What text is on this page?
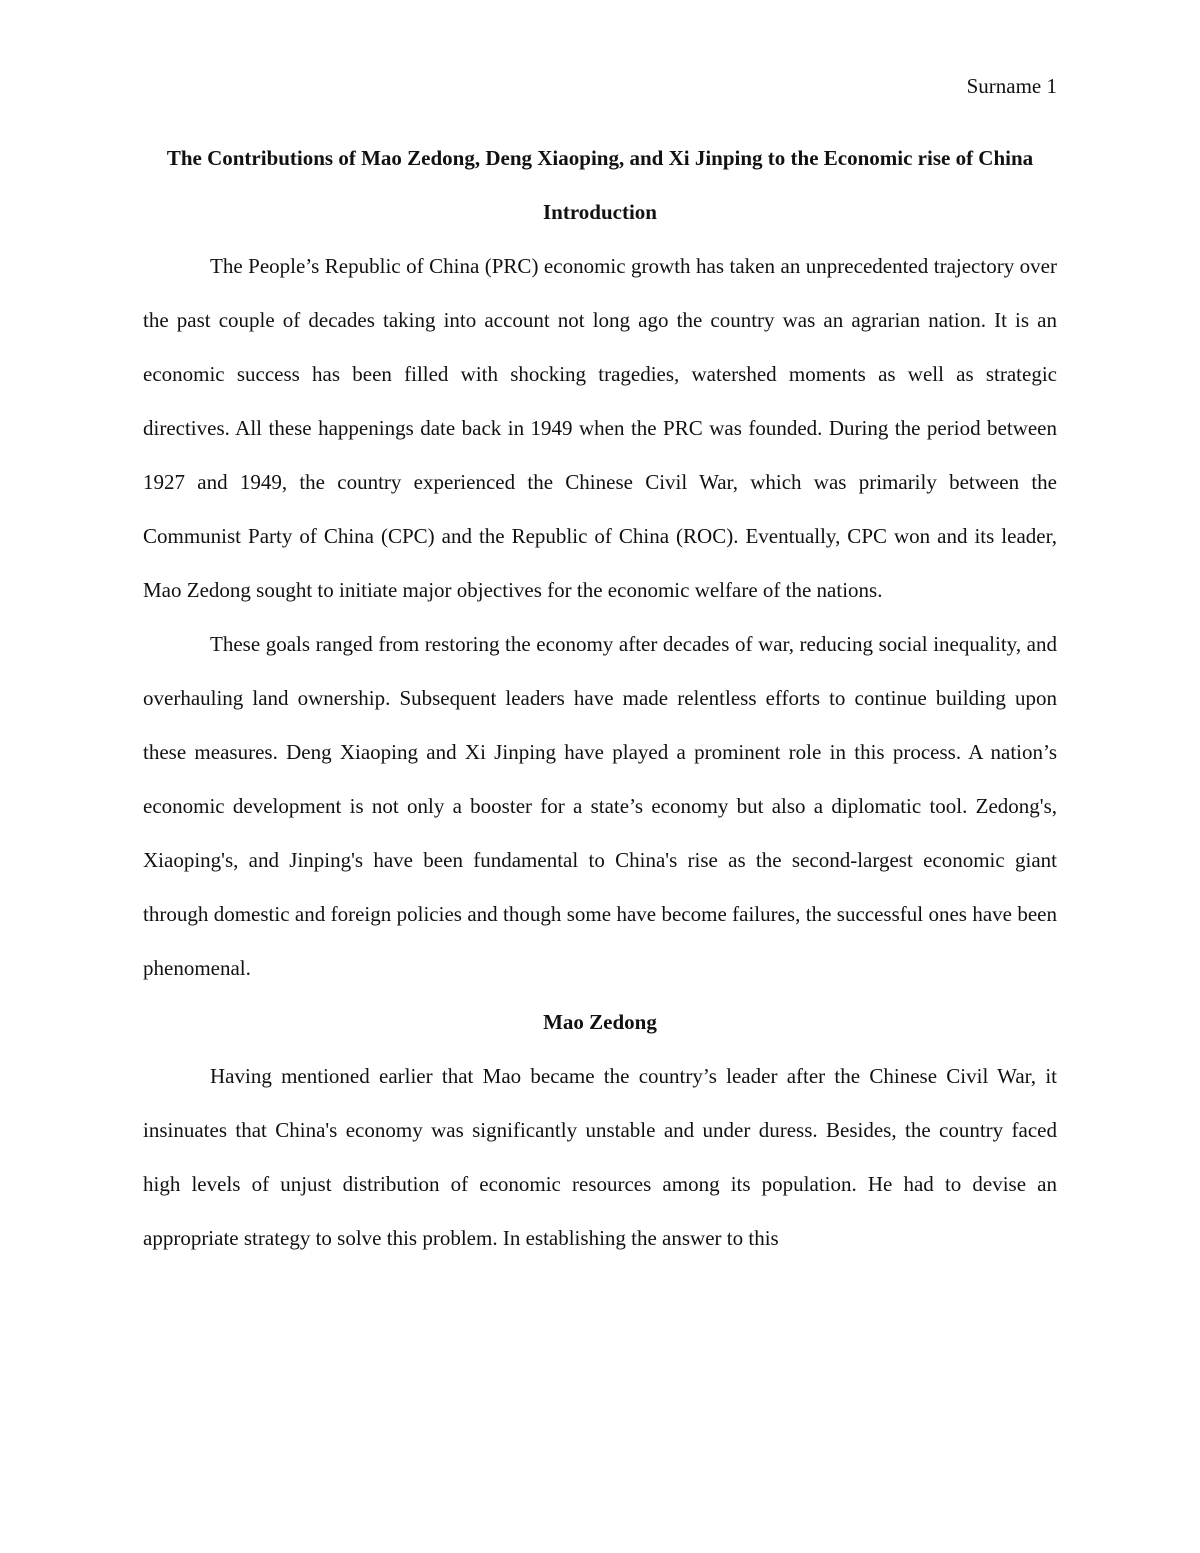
Surname 1
The Contributions of Mao Zedong, Deng Xiaoping, and Xi Jinping to the Economic rise of China
Introduction

The People’s Republic of China (PRC) economic growth has taken an unprecedented trajectory over the past couple of decades taking into account not long ago the country was an agrarian nation. It is an economic success has been filled with shocking tragedies, watershed moments as well as strategic directives. All these happenings date back in 1949 when the PRC was founded. During the period between 1927 and 1949, the country experienced the Chinese Civil War, which was primarily between the Communist Party of China (CPC) and the Republic of China (ROC). Eventually, CPC won and its leader, Mao Zedong sought to initiate major objectives for the economic welfare of the nations.

These goals ranged from restoring the economy after decades of war, reducing social inequality, and overhauling land ownership. Subsequent leaders have made relentless efforts to continue building upon these measures. Deng Xiaoping and Xi Jinping have played a prominent role in this process. A nation’s economic development is not only a booster for a state’s economy but also a diplomatic tool. Zedong's, Xiaoping's, and Jinping's have been fundamental to China's rise as the second-largest economic giant through domestic and foreign policies and though some have become failures, the successful ones have been phenomenal.

Mao Zedong

Having mentioned earlier that Mao became the country’s leader after the Chinese Civil War, it insinuates that China's economy was significantly unstable and under duress. Besides, the country faced high levels of unjust distribution of economic resources among its population. He had to devise an appropriate strategy to solve this problem. In establishing the answer to this
